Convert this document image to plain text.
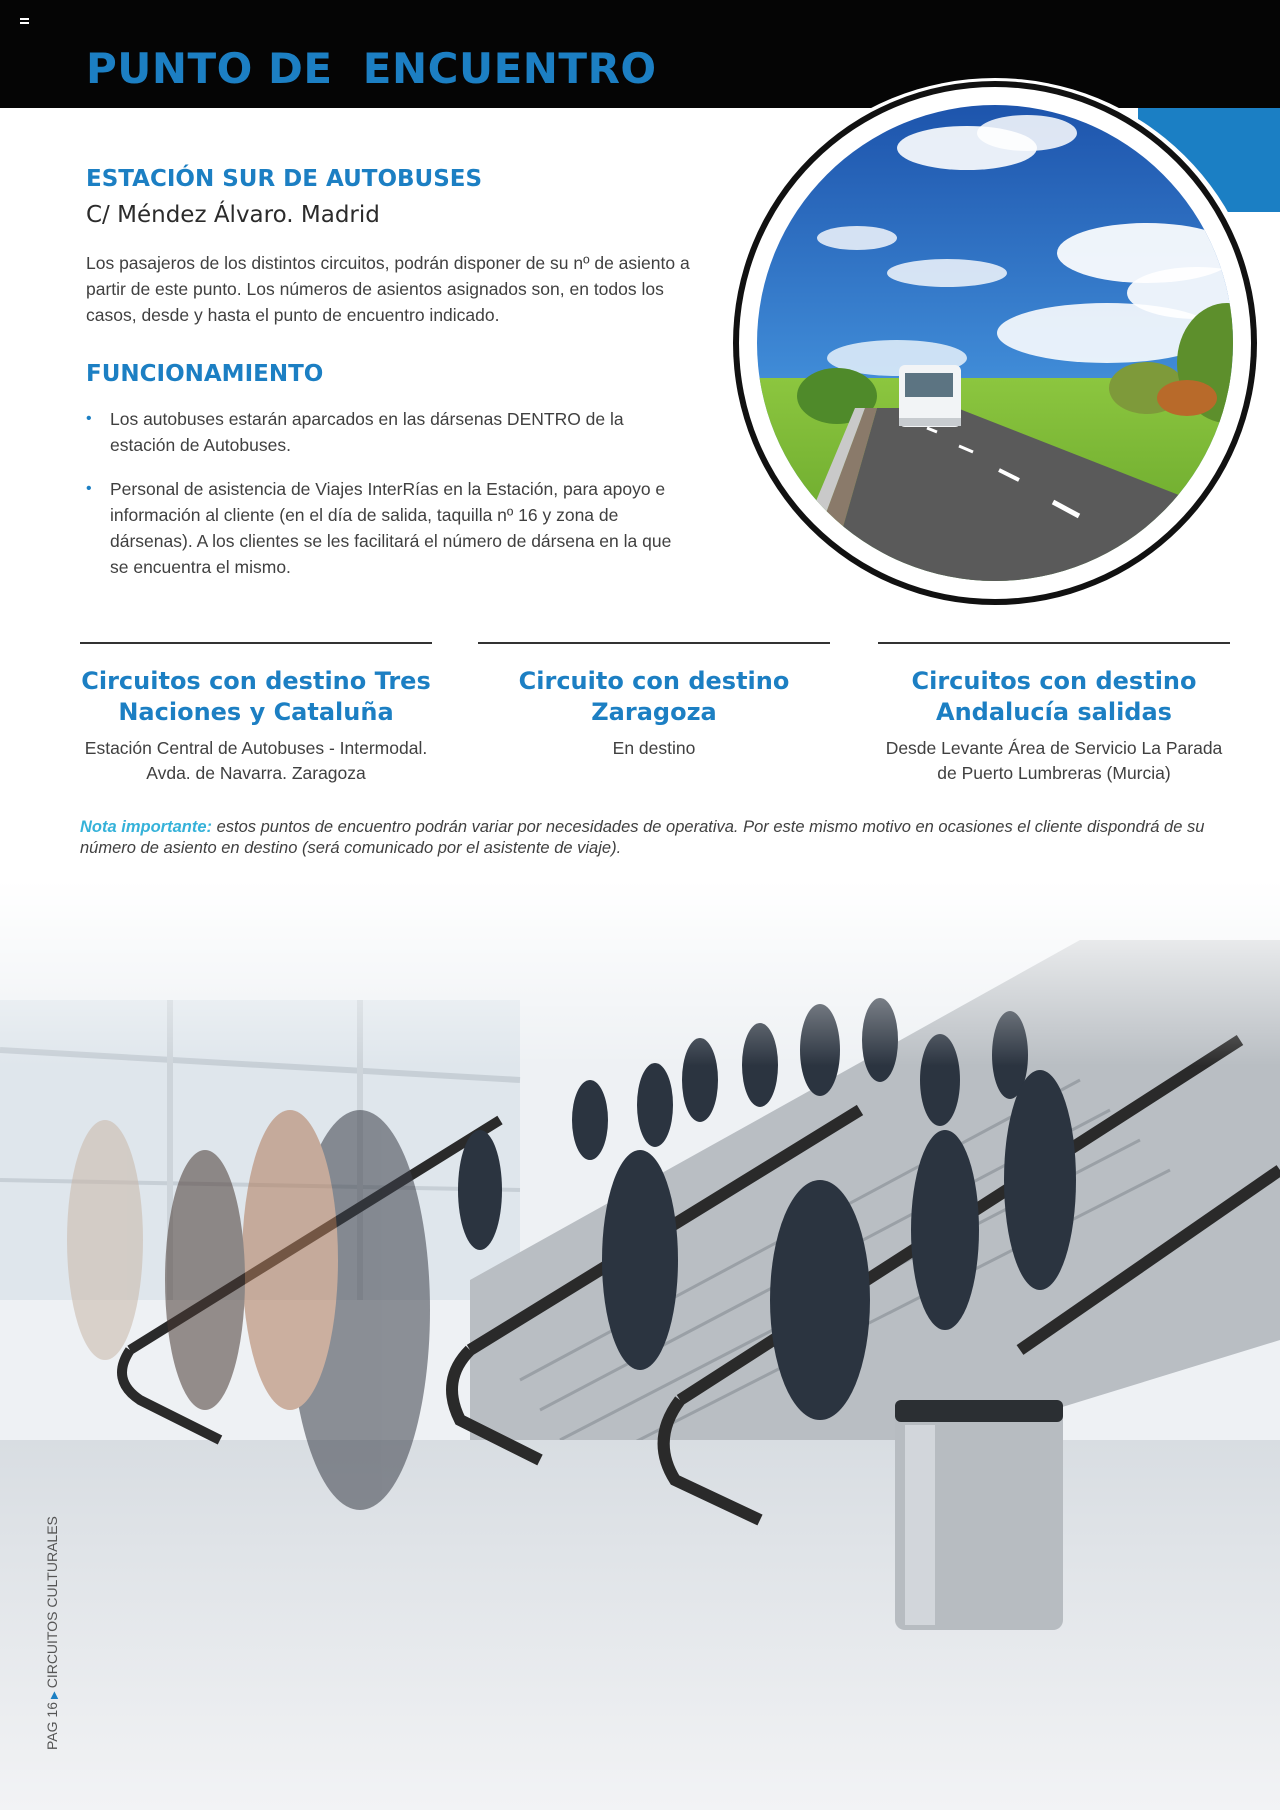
PUNTO DE  ENCUENTRO
ESTACIÓN SUR DE AUTOBUSES

C/ Méndez Álvaro. Madrid

Los pasajeros de los distintos circuitos, podrán disponer de su nº de asiento a partir de este punto. Los números de asientos asignados son, en todos los casos, desde y hasta el punto de encuentro indicado.

FUNCIONAMIENTO
• Los autobuses estarán aparcados en las dársenas DENTRO de la estación de Autobuses.
• Personal de asistencia de Viajes InterRías en la Estación, para apoyo e información al cliente (en el día de salida, taquilla nº 16 y zona de dársenas). A los clientes se les facilitará el número de dársena en la que se encuentra el mismo.
Circuitos con destino Tres Naciones y Cataluña

Estación Central de Autobuses - Intermodal. Avda. de Navarra. Zaragoza

Circuito con destino Zaragoza

En destino

Circuitos con destino Andalucía salidas

Desde Levante Área de Servicio La Parada de Puerto Lumbreras (Murcia)

Nota importante: estos puntos de encuentro podrán variar por necesidades de operativa. Por este mismo motivo en ocasiones el cliente dispondrá de su número de asiento en destino (será comunicado por el asistente de viaje).

PAG 16▶CIRCUITOS CULTURALES
